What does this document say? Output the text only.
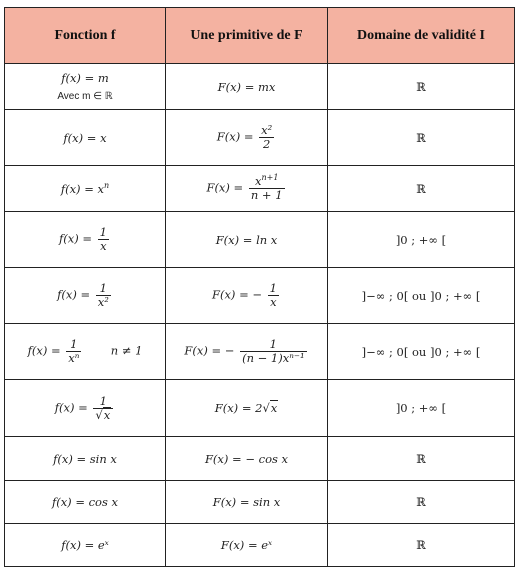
Fonction f	Une primitive de F	Domaine de validité I
f(x) = m
Avec m ∈ ℝ	F(x) = mx	ℝ
f(x) = x	$F(x) = \frac{\text{x²}}{2}$	ℝ
$f(x) = x^n$	$F(x) = \frac{x^{n+1}}{n + 1}$	ℝ
$f(x) = \frac{1}{x}$	F(x) = ln x	]0 ; +∞ [
$f(x) = \frac{1}{\text{x²}}$	F(x) = − $\frac{1}{x}$	]−∞ ; 0[ ou ]0 ; +∞ [
$f(x) = \frac{1}{\text{xⁿ}}$ n ≠ 1	F(x) = − $\frac{1}{\text{(n − 1)xⁿ⁻¹}}$	]−∞ ; 0[ ou ]0 ; +∞ [
$f(x) = \frac{1}{√x}$	F(x) = 2√x	]0 ; +∞ [
f(x) = sin x	F(x) = − cos x	ℝ
f(x) = cos x	F(x) = sin x	ℝ
f(x) = eˣ	F(x) = eˣ	ℝ
